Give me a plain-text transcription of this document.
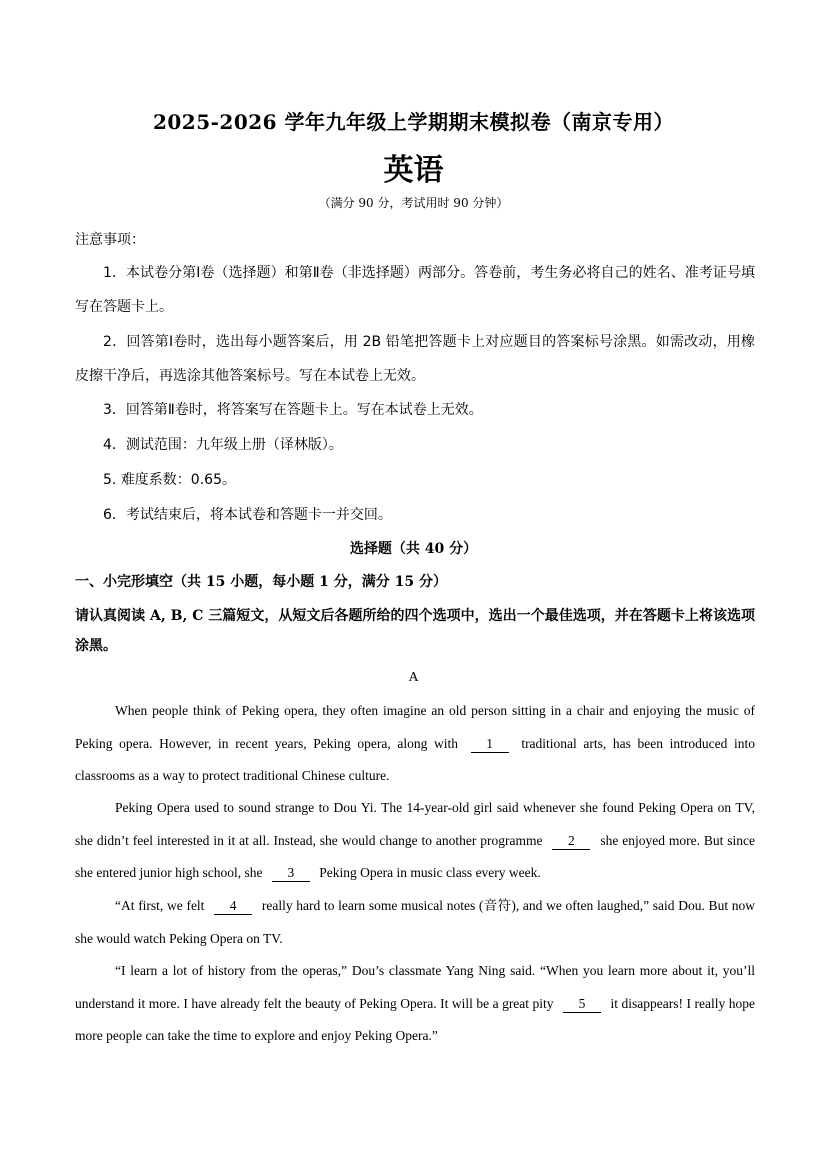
2025-2026 学年九年级上学期期末模拟卷（南京专用）
英语
（满分 90 分，考试用时 90 分钟）
注意事项：
1．本试卷分第Ⅰ卷（选择题）和第Ⅱ卷（非选择题）两部分。答卷前，考生务必将自己的姓名、准考证号填写在答题卡上。
2．回答第Ⅰ卷时，选出每小题答案后，用 2B 铅笔把答题卡上对应题目的答案标号涂黑。如需改动，用橡皮擦干净后，再选涂其他答案标号。写在本试卷上无效。
3．回答第Ⅱ卷时，将答案写在答题卡上。写在本试卷上无效。
4．测试范围：九年级上册（译林版）。
5. 难度系数：0.65。
6．考试结束后，将本试卷和答题卡一并交回。
选择题（共 40 分）
一、小完形填空（共 15 小题，每小题 1 分，满分 15 分）
请认真阅读 A, B, C 三篇短文，从短文后各题所给的四个选项中，选出一个最佳选项，并在答题卡上将该选项涂黑。
A
When people think of Peking opera, they often imagine an old person sitting in a chair and enjoying the music of Peking opera. However, in recent years, Peking opera, along with 1 traditional arts, has been introduced into classrooms as a way to protect traditional Chinese culture.
Peking Opera used to sound strange to Dou Yi. The 14-year-old girl said whenever she found Peking Opera on TV, she didn’t feel interested in it at all. Instead, she would change to another programme 2 she enjoyed more. But since she entered junior high school, she 3 Peking Opera in music class every week.
“At first, we felt 4 really hard to learn some musical notes (音符), and we often laughed,” said Dou. But now she would watch Peking Opera on TV.
“I learn a lot of history from the operas,” Dou’s classmate Yang Ning said. “When you learn more about it, you’ll understand it more. I have already felt the beauty of Peking Opera. It will be a great pity 5 it disappears! I really hope more people can take the time to explore and enjoy Peking Opera.”
